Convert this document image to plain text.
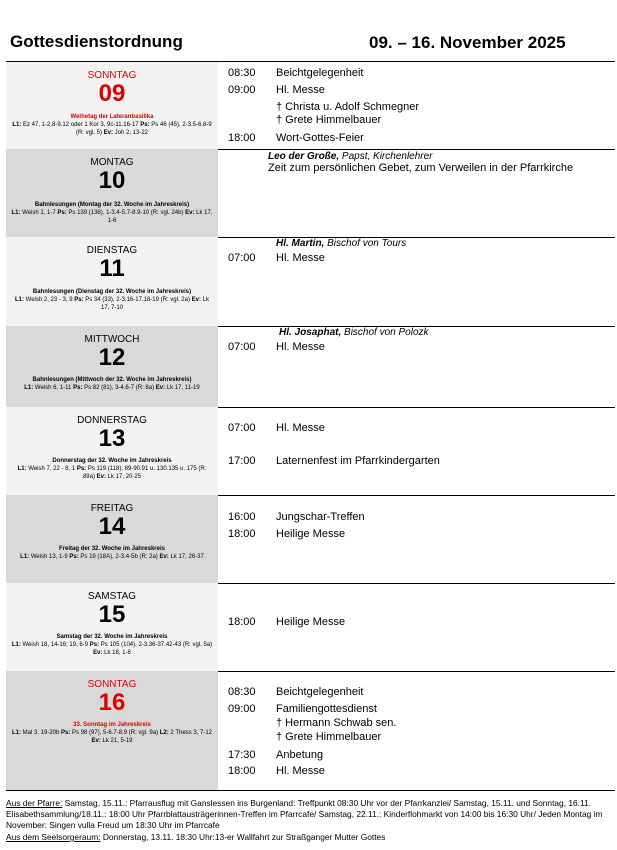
Gottesdienstordnung	09. – 16. November 2025
SONNTAG
09
Weihetag der Lateranbasilika
L1: Ez 47, 1-2.8-9.12 oder 1 Kor 3, 9c-11.16-17 Ps: Ps 46 (45), 2-3.5-6.8-9 (R: vgl. 5) Ev: Joh 2, 13-22
08:30 Beichtgelegenheit
09:00 Hl. Messe
† Christa u. Adolf Schmegner
† Grete Himmelbauer
18:00 Wort-Gottes-Feier
MONTAG
10
Bahnlesungen (Montag der 32. Woche im Jahreskreis)
L1: Weish 1, 1-7 Ps: Ps 139 (138), 1-3.4-5.7-8.9-10 (R: vgl. 24b) Ev: Lk 17, 1-6
Leo der Große, Papst, Kirchenlehrer
Zeit zum persönlichen Gebet, zum Verweilen in der Pfarrkirche
DIENSTAG
11
Bahnlesungen (Dienstag der 32. Woche im Jahreskreis)
L1: Weish 2, 23 - 3, 9 Ps: Ps 34 (33), 2-3.16-17.18-19 (R: vgl. 2a) Ev: Lk 17, 7-10
Hl. Martin, Bischof von Tours
07:00 Hl. Messe
MITTWOCH
12
Bahnlesungen (Mittwoch der 32. Woche im Jahreskreis)
L1: Weish 6, 1-11 Ps: Ps 82 (81), 3-4.6-7 (R: 8a) Ev: Lk 17, 11-19
Hl. Josaphat, Bischof von Polozk
07:00 Hl. Messe
DONNERSTAG
13
Donnerstag der 32. Woche im Jahreskreis
L1: Weish 7, 22 - 8, 1 Ps: Ps 119 (118), 89-90.91 u. 130.135 u. 175 (R: 89a) Ev: Lk 17, 20-25
07:00 Hl. Messe
17:00 Laternenfest im Pfarrkindergarten
FREITAG
14
Freitag der 32. Woche im Jahreskreis
L1: Weish 13, 1-9 Ps: Ps 19 (18A), 2-3.4-5b (R: 2a) Ev: Lk 17, 26-37
16:00 Jungschar-Treffen
18:00 Heilige Messe
SAMSTAG
15
Samstag der 32. Woche im Jahreskreis
L1: Weish 18, 14-16; 19, 6-9 Ps: Ps 105 (104), 2-3.36-37.42-43 (R: vgl. 5a) Ev: Lk 18, 1-8
18:00 Heilige Messe
SONNTAG
16
33. Sonntag im Jahreskreis
L1: Mal 3, 19-20b Ps: Ps 98 (97), 5-6.7-8.9 (R: vgl. 9a) L2: 2 Thess 3, 7-12 Ev: Lk 21, 5-19
08:30 Beichtgelegenheit
09:00 Familiengottesdienst
† Hermann Schwab sen.
† Grete Himmelbauer
17:30 Anbetung
18:00 Hl. Messe
Aus der Pfarre: Samstag, 15.11.: Pfarrausflug mit Ganslessen ins Burgenland: Treffpunkt 08:30 Uhr vor der Pfarrkanzlei/ Samstag, 15.11. und Sonntag, 16.11. Elisabethsammlung/18.11.: 18:00 Uhr Pfarrblattausträgerinnen-Treffen im Pfarrcafe/ Samstag, 22.11.: Kinderflohmarkt von 14:00 bis 16:30 Uhr/ Jeden Montag im November: Singen vulla Freud um 18:30 Uhr im Pfarrcafe
Aus dem Seelsorgeraum: Donnerstag, 13.11. 18:30 Uhr:13-er Wallfahrt zur Straßganger Mutter Gottes
